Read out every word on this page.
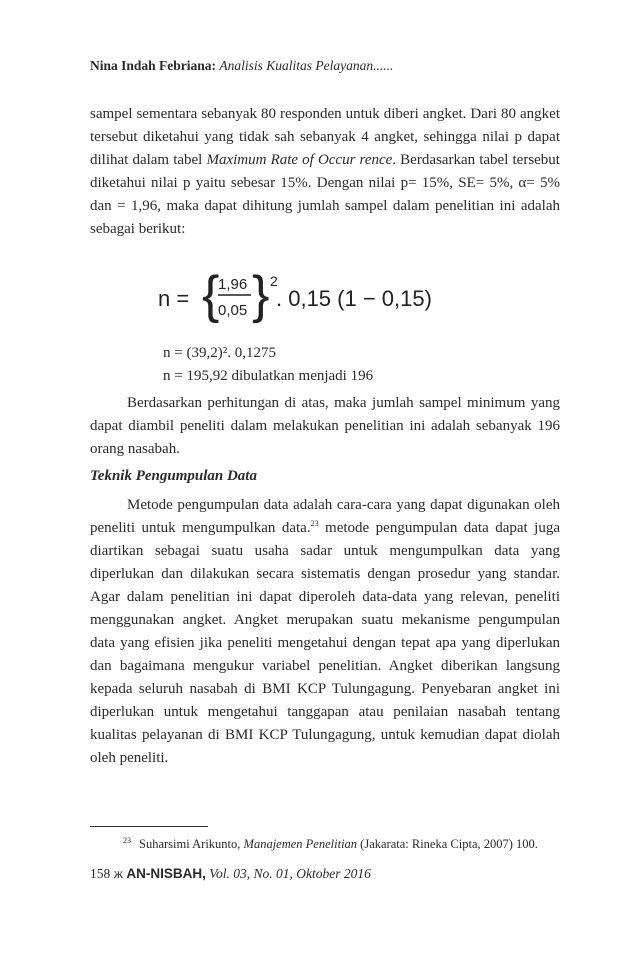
Nina Indah Febriana: Analisis Kualitas Pelayanan......
sampel sementara sebanyak 80 responden untuk diberi angket. Dari 80 angket tersebut diketahui yang tidak sah sebanyak 4 angket, sehingga nilai p dapat dilihat dalam tabel Maximum Rate of Occur rence. Berdasarkan tabel tersebut diketahui nilai p yaitu sebesar 15%. Dengan nilai p= 15%, SE= 5%, α= 5% dan = 1,96, maka dapat dihitung jumlah sampel dalam penelitian ini adalah sebagai berikut:
n = {
1,96
0,05 } 2
. 0,15 (1 − 0,15)
n = (39,2)². 0,1275
n = 195,92 dibulatkan menjadi 196
Berdasarkan perhitungan di atas, maka jumlah sampel minimum yang dapat diambil peneliti dalam melakukan penelitian ini adalah sebanyak 196 orang nasabah.
Teknik Pengumpulan Data
Metode pengumpulan data adalah cara-cara yang dapat digunakan oleh peneliti untuk mengumpulkan data.$^{23}$ metode pengumpulan data dapat juga diartikan sebagai suatu usaha sadar untuk mengumpulkan data yang diperlukan dan dilakukan secara sistematis dengan prosedur yang standar. Agar dalam penelitian ini dapat diperoleh data-data yang relevan, peneliti menggunakan angket. Angket merupakan suatu mekanisme pengumpulan data yang efisien jika peneliti mengetahui dengan tepat apa yang diperlukan dan bagaimana mengukur variabel penelitian. Angket diberikan langsung kepada seluruh nasabah di BMI KCP Tulungagung. Penyebaran angket ini diperlukan untuk mengetahui tanggapan atau penilaian nasabah tentang kualitas pelayanan di BMI KCP Tulungagung, untuk kemudian dapat diolah oleh peneliti.
$^{23}$ Suharsimi Arikunto, Manajemen Penelitian (Jakarata: Rineka Cipta, 2007) 100.
158 ж AN-NISBAH, Vol. 03, No. 01, Oktober 2016
